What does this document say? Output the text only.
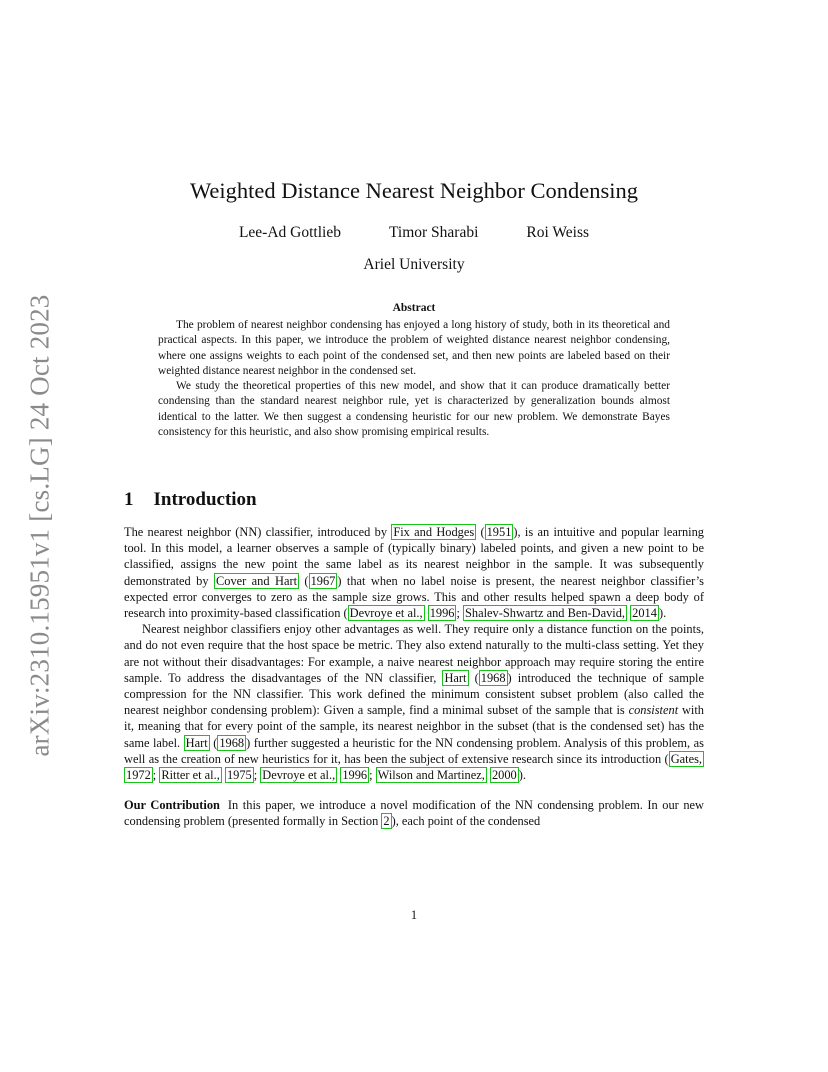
arXiv:2310.15951v1 [cs.LG] 24 Oct 2023
Weighted Distance Nearest Neighbor Condensing
Lee-Ad Gottlieb	Timor Sharabi	Roi Weiss
Ariel University
Abstract

The problem of nearest neighbor condensing has enjoyed a long history of study, both in its theoretical and practical aspects. In this paper, we introduce the problem of weighted distance nearest neighbor condensing, where one assigns weights to each point of the condensed set, and then new points are labeled based on their weighted distance nearest neighbor in the condensed set.

We study the theoretical properties of this new model, and show that it can produce dramatically better condensing than the standard nearest neighbor rule, yet is characterized by generalization bounds almost identical to the latter. We then suggest a condensing heuristic for our new problem. We demonstrate Bayes consistency for this heuristic, and also show promising empirical results.

1 Introduction

The nearest neighbor (NN) classifier, introduced by Fix and Hodges ( 1951 ), is an intuitive and popular learning tool. In this model, a learner observes a sample of (typically binary) labeled points, and given a new point to be classified, assigns the new point the same label as its nearest neighbor in the sample. It was subsequently demonstrated by Cover and Hart ( 1967 ) that when no label noise is present, the nearest neighbor classifier’s expected error converges to zero as the sample size grows. This and other results helped spawn a deep body of research into proximity-based classification ( Devroye et al., 1996 ; Shalev-Shwartz and Ben-David, 2014 ).

Nearest neighbor classifiers enjoy other advantages as well. They require only a distance function on the points, and do not even require that the host space be metric. They also extend naturally to the multi-class setting. Yet they are not without their disadvantages: For example, a naive nearest neighbor approach may require storing the entire sample. To address the disadvantages of the NN classifier, Hart ( 1968 ) introduced the technique of sample compression for the NN classifier. This work defined the minimum consistent subset problem (also called the nearest neighbor condensing problem): Given a sample, find a minimal subset of the sample that is consistent with it, meaning that for every point of the sample, its nearest neighbor in the subset (that is the condensed set) has the same label. Hart ( 1968 ) further suggested a heuristic for the NN condensing problem. Analysis of this problem, as well as the creation of new heuristics for it, has been the subject of extensive research since its introduction ( Gates, 1972 ; Ritter et al., 1975 ; Devroye et al., 1996 ; Wilson and Martinez, 2000 ).

Our Contribution In this paper, we introduce a novel modification of the NN condensing problem. In our new condensing problem (presented formally in Section 2 ), each point of the condensed

1
